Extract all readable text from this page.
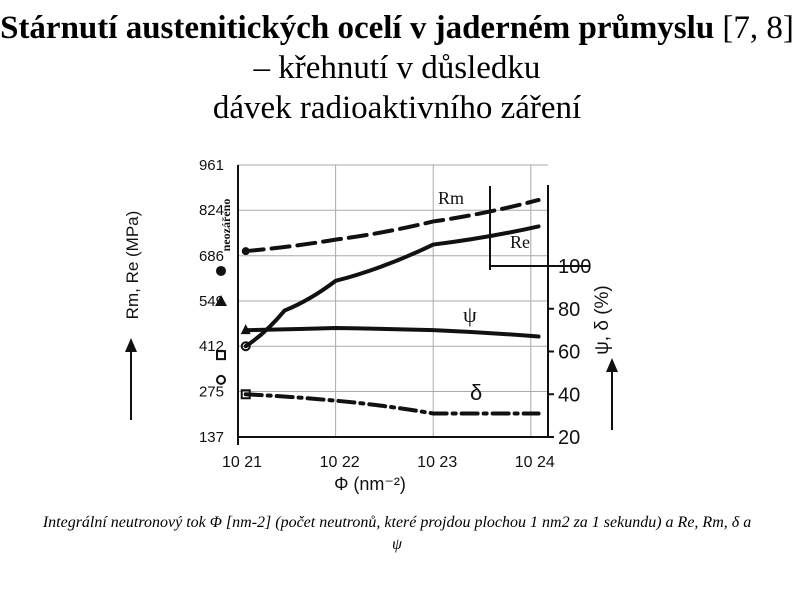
Stárnutí austenitických ocelí v jaderném průmyslu [7, 8] – křehnutí v důsledku
dávek radioaktivního záření
961
824
686
549
412
275
137
10 21	10 22	10 23	10 24
100
80
60
40
20
Rm, Re (MPa)
ψ, δ (%)
Φ (nm⁻²)
neozářeno
Rm
Re
ψ
δ
Integrální neutronový tok Φ [nm-2] (počet neutronů, které projdou plochou 1 nm2 za 1 sekundu) a Re, Rm, δ a ψ
